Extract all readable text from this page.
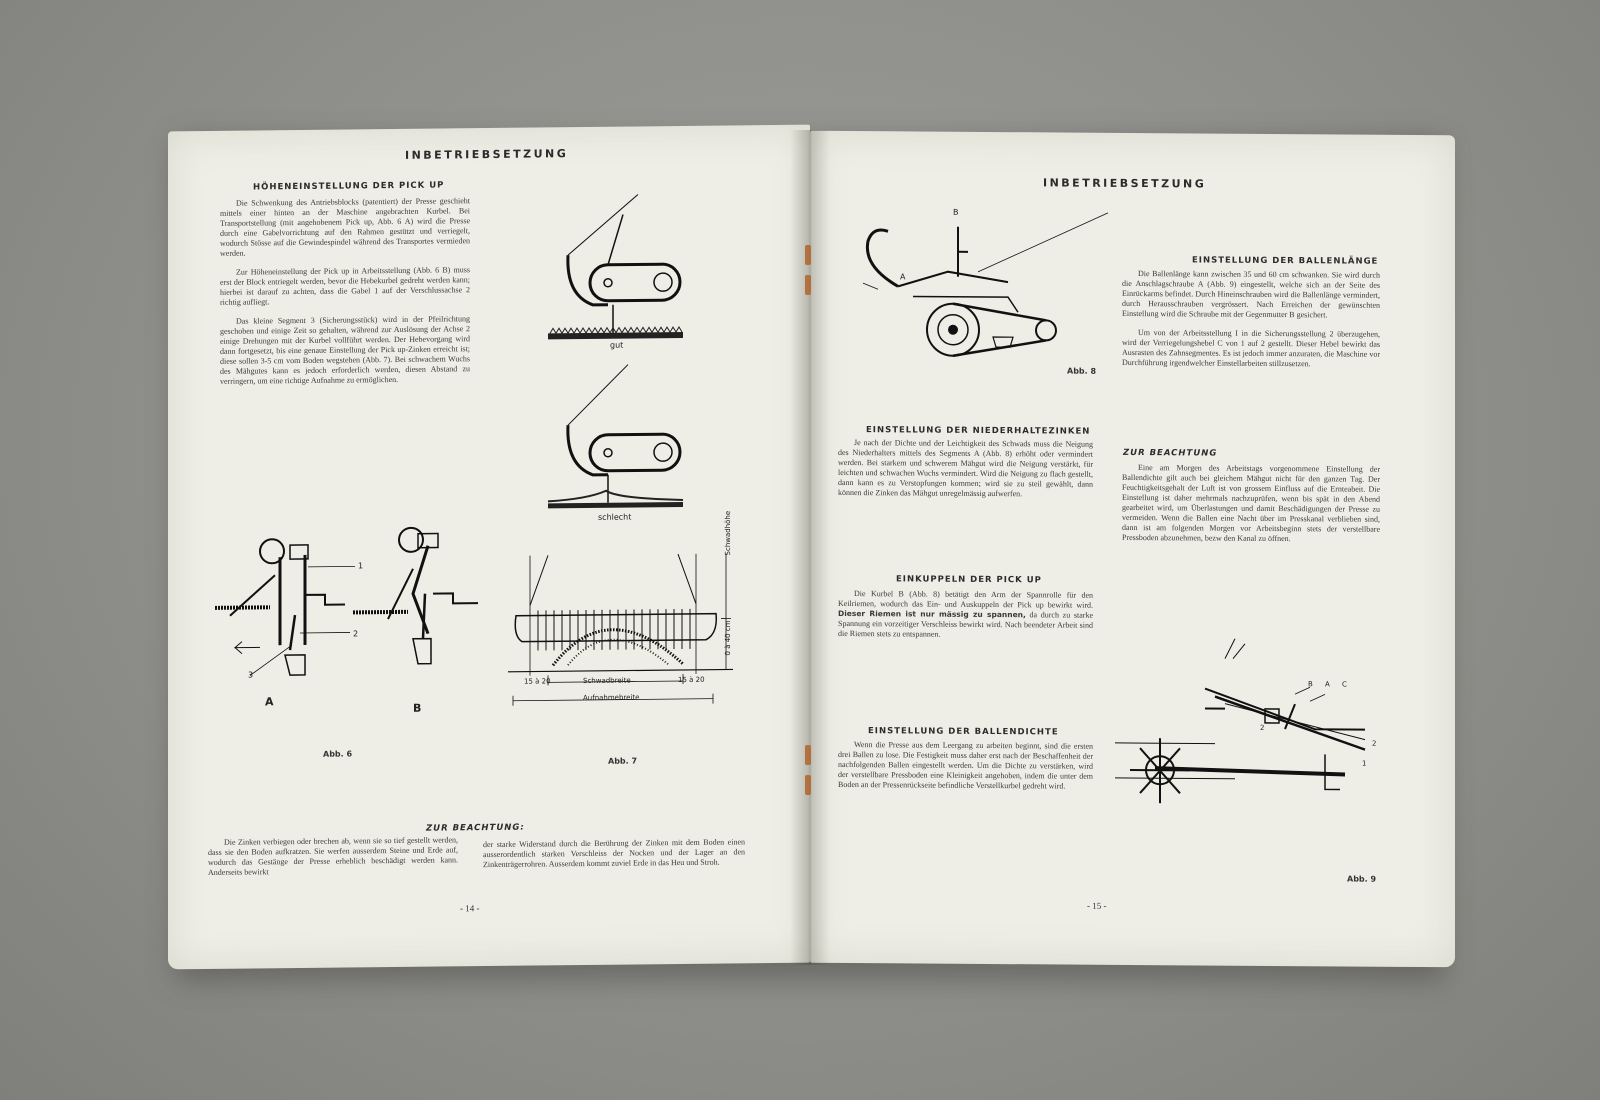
INBETRIEBSETZUNG
HÖHENEINSTELLUNG DER PICK UP

Die Schwenkung des Antriebsblocks (patentiert) der Presse geschieht mittels einer hinten an der Maschine angebrachten Kurbel. Bei Transportstellung (mit angehobenem Pick up, Abb. 6 A) wird die Presse durch eine Gabelvorrichtung auf den Rahmen gestützt und verriegelt, wodurch Stösse auf die Gewindespindel während des Transportes vermieden werden.

Zur Höheneinstellung der Pick up in Arbeitsstellung (Abb. 6 B) muss erst der Block entriegelt werden, bevor die Hebekurbel gedreht werden kann; hierbei ist darauf zu achten, dass die Gabel 1 auf der Verschlussachse 2 richtig aufliegt.

Das kleine Segment 3 (Sicherungsstück) wird in der Pfeilrichtung geschoben und einige Zeit so gehalten, während zur Auslösung der Achse 2 einige Drehungen mit der Kurbel vollführt werden. Der Hebevorgang wird dann fortgesetzt, bis eine genaue Einstellung der Pick up-Zinken erreicht ist; diese sollen 3-5 cm vom Boden wegstehen (Abb. 7). Bei schwachem Wuchs des Mähgutes kann es jedoch erforderlich werden, diesen Abstand zu verringern, um eine richtige Aufnahme zu ermöglichen.

gut
schlecht
1
2
3
A	B
Abb. 6
Schwadhöhe
0 à 40 cm
Schwadbreite
Aufnahmebreite
15 à 20	15 à 20
Abb. 7
ZUR BEACHTUNG:
Die Zinken verbiegen oder brechen ab, wenn sie so tief gestellt werden, dass sie den Boden aufkratzen. Sie werfen ausserdem Steine und Erde auf, wodurch das Gestänge der Presse erheblich beschädigt werden kann. Anderseits bewirkt
der starke Widerstand durch die Berührung der Zinken mit dem Boden einen ausserordentlich starken Verschleiss der Nocken und der Lager an den Zinkenträgerrohren. Ausserdem kommt zuviel Erde in das Heu und Stroh.
- 14 -
INBETRIEBSETZUNG
B
A
Abb. 8
EINSTELLUNG DER BALLENLÄNGE

Die Ballenlänge kann zwischen 35 und 60 cm schwanken. Sie wird durch die Anschlagschraube A (Abb. 9) eingestellt, welche sich an der Seite des Einrückarms befindet. Durch Hineinschrauben wird die Ballenlänge vermindert, durch Herausschrauben vergrössert. Nach Erreichen der gewünschten Einstellung wird die Schraube mit der Gegenmutter B gesichert.

Um von der Arbeitsstellung I in die Sicherungsstellung 2 überzugehen, wird der Verriegelungshebel C von 1 auf 2 gestellt. Dieser Hebel bewirkt das Ausrasten des Zahnsegmentes. Es ist jedoch immer anzuraten, die Maschine vor Durchführung irgendwelcher Einstellarbeiten stillzusetzen.

EINSTELLUNG DER NIEDERHALTEZINKEN

Je nach der Dichte und der Leichtigkeit des Schwads muss die Neigung des Niederhalters mittels des Segments A (Abb. 8) erhöht oder vermindert werden. Bei starkem und schwerem Mähgut wird die Neigung verstärkt, für leichten und schwachen Wuchs vermindert. Wird die Neigung zu flach gestellt, dann kann es zu Verstopfungen kommen; wird sie zu steil gewählt, dann können die Zinken das Mähgut unregelmässig aufwerfen.

ZUR BEACHTUNG

Eine am Morgen des Arbeitstags vorgenommene Einstellung der Ballendichte gilt auch bei gleichem Mähgut nicht für den ganzen Tag. Der Feuchtigkeitsgehalt der Luft ist von grossem Einfluss auf die Ernteabeit. Die Einstellung ist daher mehrmals nachzuprüfen, wenn bis spät in den Abend gearbeitet wird, um Überlastungen und damit Beschädigungen der Presse zu vermeiden. Wenn die Ballen eine Nacht über im Presskanal verblieben sind, dann ist am folgenden Morgen vor Arbeitsbeginn stets der verstellbare Pressboden abzunehmen, bezw den Kanal zu öffnen.

EINKUPPELN DER PICK UP
Die Kurbel B (Abb. 8) betätigt den Arm der Spannrolle für den Keilriemen, wodurch das Ein- und Auskuppeln der Pick up bewirkt wird. Dieser Riemen ist nur mässig zu spannen, da durch zu starke Spannung ein vorzeitiger Verschleiss bewirkt wird. Nach beendeter Arbeit sind die Riemen stets zu entspannen.
EINSTELLUNG DER BALLENDICHTE

Wenn die Presse aus dem Leergang zu arbeiten beginnt, sind die ersten drei Ballen zu lose. Die Festigkeit muss daher erst nach der Beschaffenheit der nachfolgenden Ballen eingestellt werden. Um die Dichte zu verstärken, wird der verstellbare Pressboden eine Kleinigkeit angehoben, indem die unter dem Boden an der Pressenrückseite befindliche Verstellkurbel gedreht wird.

B A C
2
2
1
Abb. 9
- 15 -
